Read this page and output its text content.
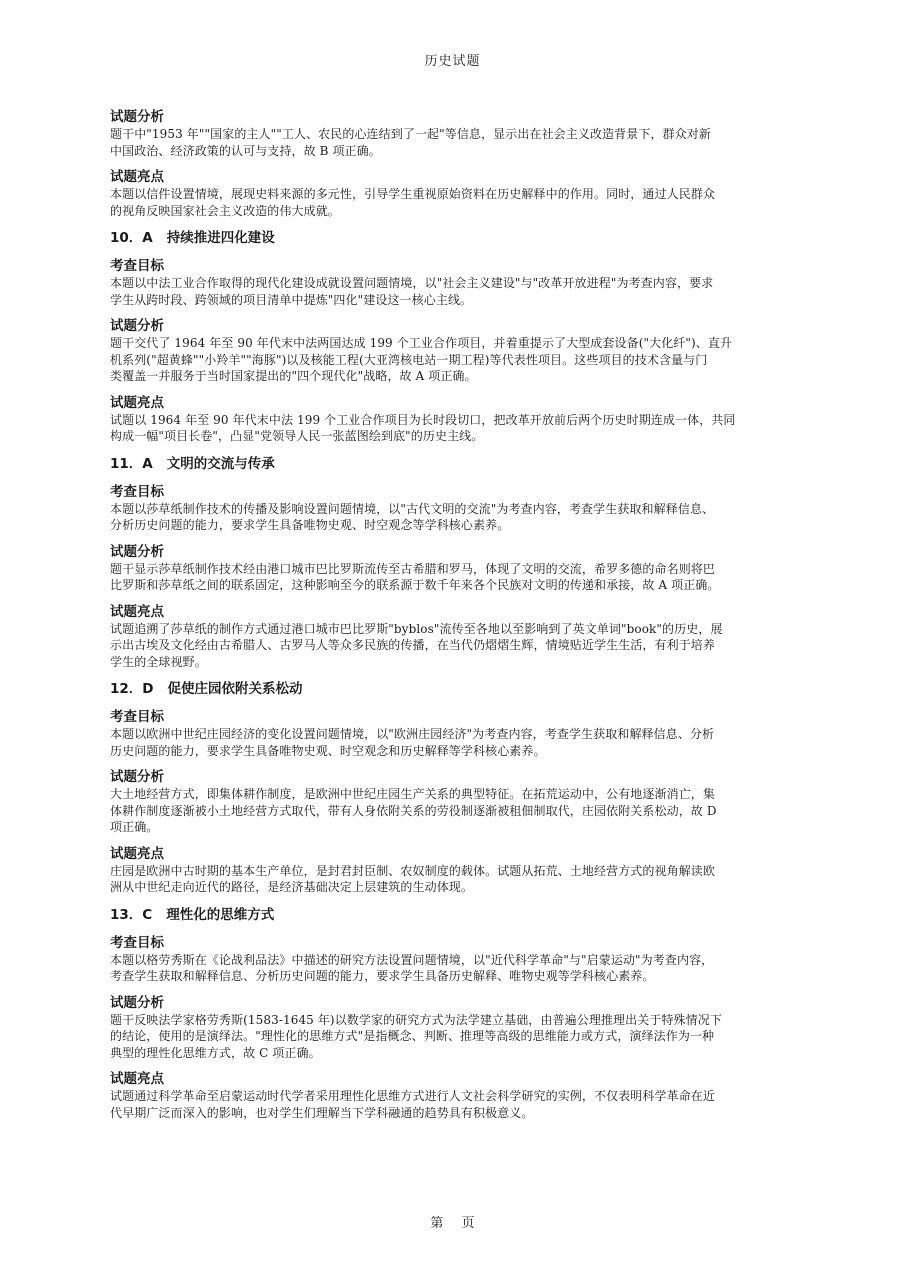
历史试题
试题分析
题干中"1953 年""国家的主人""工人、农民的心连结到了一起"等信息，显示出在社会主义改造背景下，群众对新
中国政治、经济政策的认可与支持，故 B 项正确。
试题亮点
本题以信件设置情境，展现史料来源的多元性，引导学生重视原始资料在历史解释中的作用。同时，通过人民群众
的视角反映国家社会主义改造的伟大成就。
10．A 持续推进四化建设
考查目标
本题以中法工业合作取得的现代化建设成就设置问题情境，以"社会主义建设"与"改革开放进程"为考查内容，要求
学生从跨时段、跨领域的项目清单中提炼"四化"建设这一核心主线。
试题分析
题干交代了 1964 年至 90 年代末中法两国达成 199 个工业合作项目，并着重提示了大型成套设备("大化纤")、直升
机系列("超黄蜂""小羚羊""海豚")以及核能工程(大亚湾核电站一期工程)等代表性项目。这些项目的技术含量与门
类覆盖一并服务于当时国家提出的"四个现代化"战略，故 A 项正确。
试题亮点
试题以 1964 年至 90 年代末中法 199 个工业合作项目为长时段切口，把改革开放前后两个历史时期连成一体，共同
构成一幅"项目长卷"，凸显"党领导人民一张蓝图绘到底"的历史主线。
11．A 文明的交流与传承
考查目标
本题以莎草纸制作技术的传播及影响设置问题情境，以"古代文明的交流"为考查内容，考查学生获取和解释信息、
分析历史问题的能力，要求学生具备唯物史观、时空观念等学科核心素养。
试题分析
题干显示莎草纸制作技术经由港口城市巴比罗斯流传至古希腊和罗马，体现了文明的交流，希罗多德的命名则将巴
比罗斯和莎草纸之间的联系固定，这种影响至今的联系源于数千年来各个民族对文明的传递和承接，故 A 项正确。
试题亮点
试题追溯了莎草纸的制作方式通过港口城市巴比罗斯"byblos"流传至各地以至影响到了英文单词"book"的历史，展
示出古埃及文化经由古希腊人、古罗马人等众多民族的传播，在当代仍熠熠生辉，情境贴近学生生活，有利于培养
学生的全球视野。
12．D 促使庄园依附关系松动
考查目标
本题以欧洲中世纪庄园经济的变化设置问题情境，以"欧洲庄园经济"为考查内容，考查学生获取和解释信息、分析
历史问题的能力，要求学生具备唯物史观、时空观念和历史解释等学科核心素养。
试题分析
大土地经营方式，即集体耕作制度，是欧洲中世纪庄园生产关系的典型特征。在拓荒运动中，公有地逐渐消亡，集
体耕作制度逐渐被小土地经营方式取代，带有人身依附关系的劳役制逐渐被租佃制取代，庄园依附关系松动，故 D
项正确。
试题亮点
庄园是欧洲中古时期的基本生产单位，是封君封臣制、农奴制度的载体。试题从拓荒、土地经营方式的视角解读欧
洲从中世纪走向近代的路径，是经济基础决定上层建筑的生动体现。
13．C 理性化的思维方式
考查目标
本题以格劳秀斯在《论战利品法》中描述的研究方法设置问题情境，以"近代科学革命"与"启蒙运动"为考查内容，
考查学生获取和解释信息、分析历史问题的能力，要求学生具备历史解释、唯物史观等学科核心素养。
试题分析
题干反映法学家格劳秀斯(1583-1645 年)以数学家的研究方式为法学建立基础，由普遍公理推理出关于特殊情况下
的结论，使用的是演绎法。"理性化的思维方式"是指概念、判断、推理等高级的思维能力或方式，演绎法作为一种
典型的理性化思维方式，故 C 项正确。
试题亮点
试题通过科学革命至启蒙运动时代学者采用理性化思维方式进行人文社会科学研究的实例，不仅表明科学革命在近
代早期广泛而深入的影响，也对学生们理解当下学科融通的趋势具有积极意义。
第 页
